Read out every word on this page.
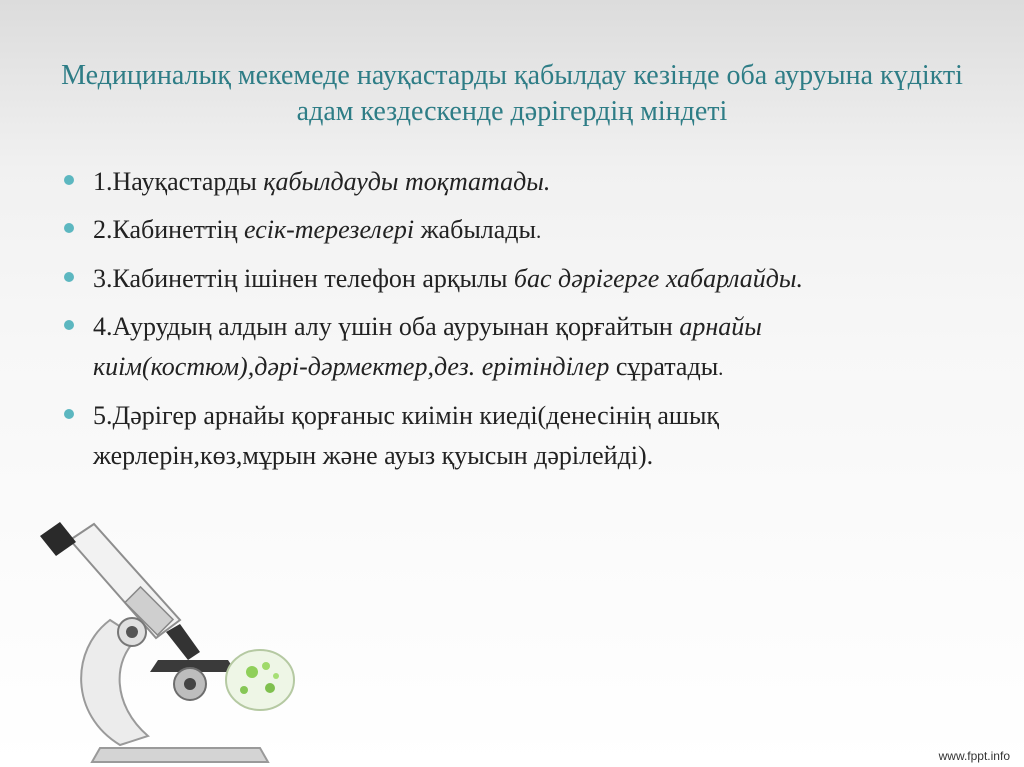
Медициналық мекемеде науқастарды қабылдау кезінде оба ауруына күдікті адам кездескенде дәрігердің міндеті
1.Науқастарды қабылдауды тоқтатады.
2.Кабинеттің есік-терезелері жабылады.
3.Кабинеттің ішінен телефон арқылы бас дәрігерге хабарлайды.
4.Аурудың алдын алу үшін оба ауруынан қорғайтын арнайы киім(костюм),дәрі-дәрмектер,дез. ерітінділер сұратады.
5.Дәрігер арнайы қорғаныс киімін киеді(денесінің ашық жерлерін,көз,мұрын және ауыз қуысын дәрілейді).
www.fppt.info
